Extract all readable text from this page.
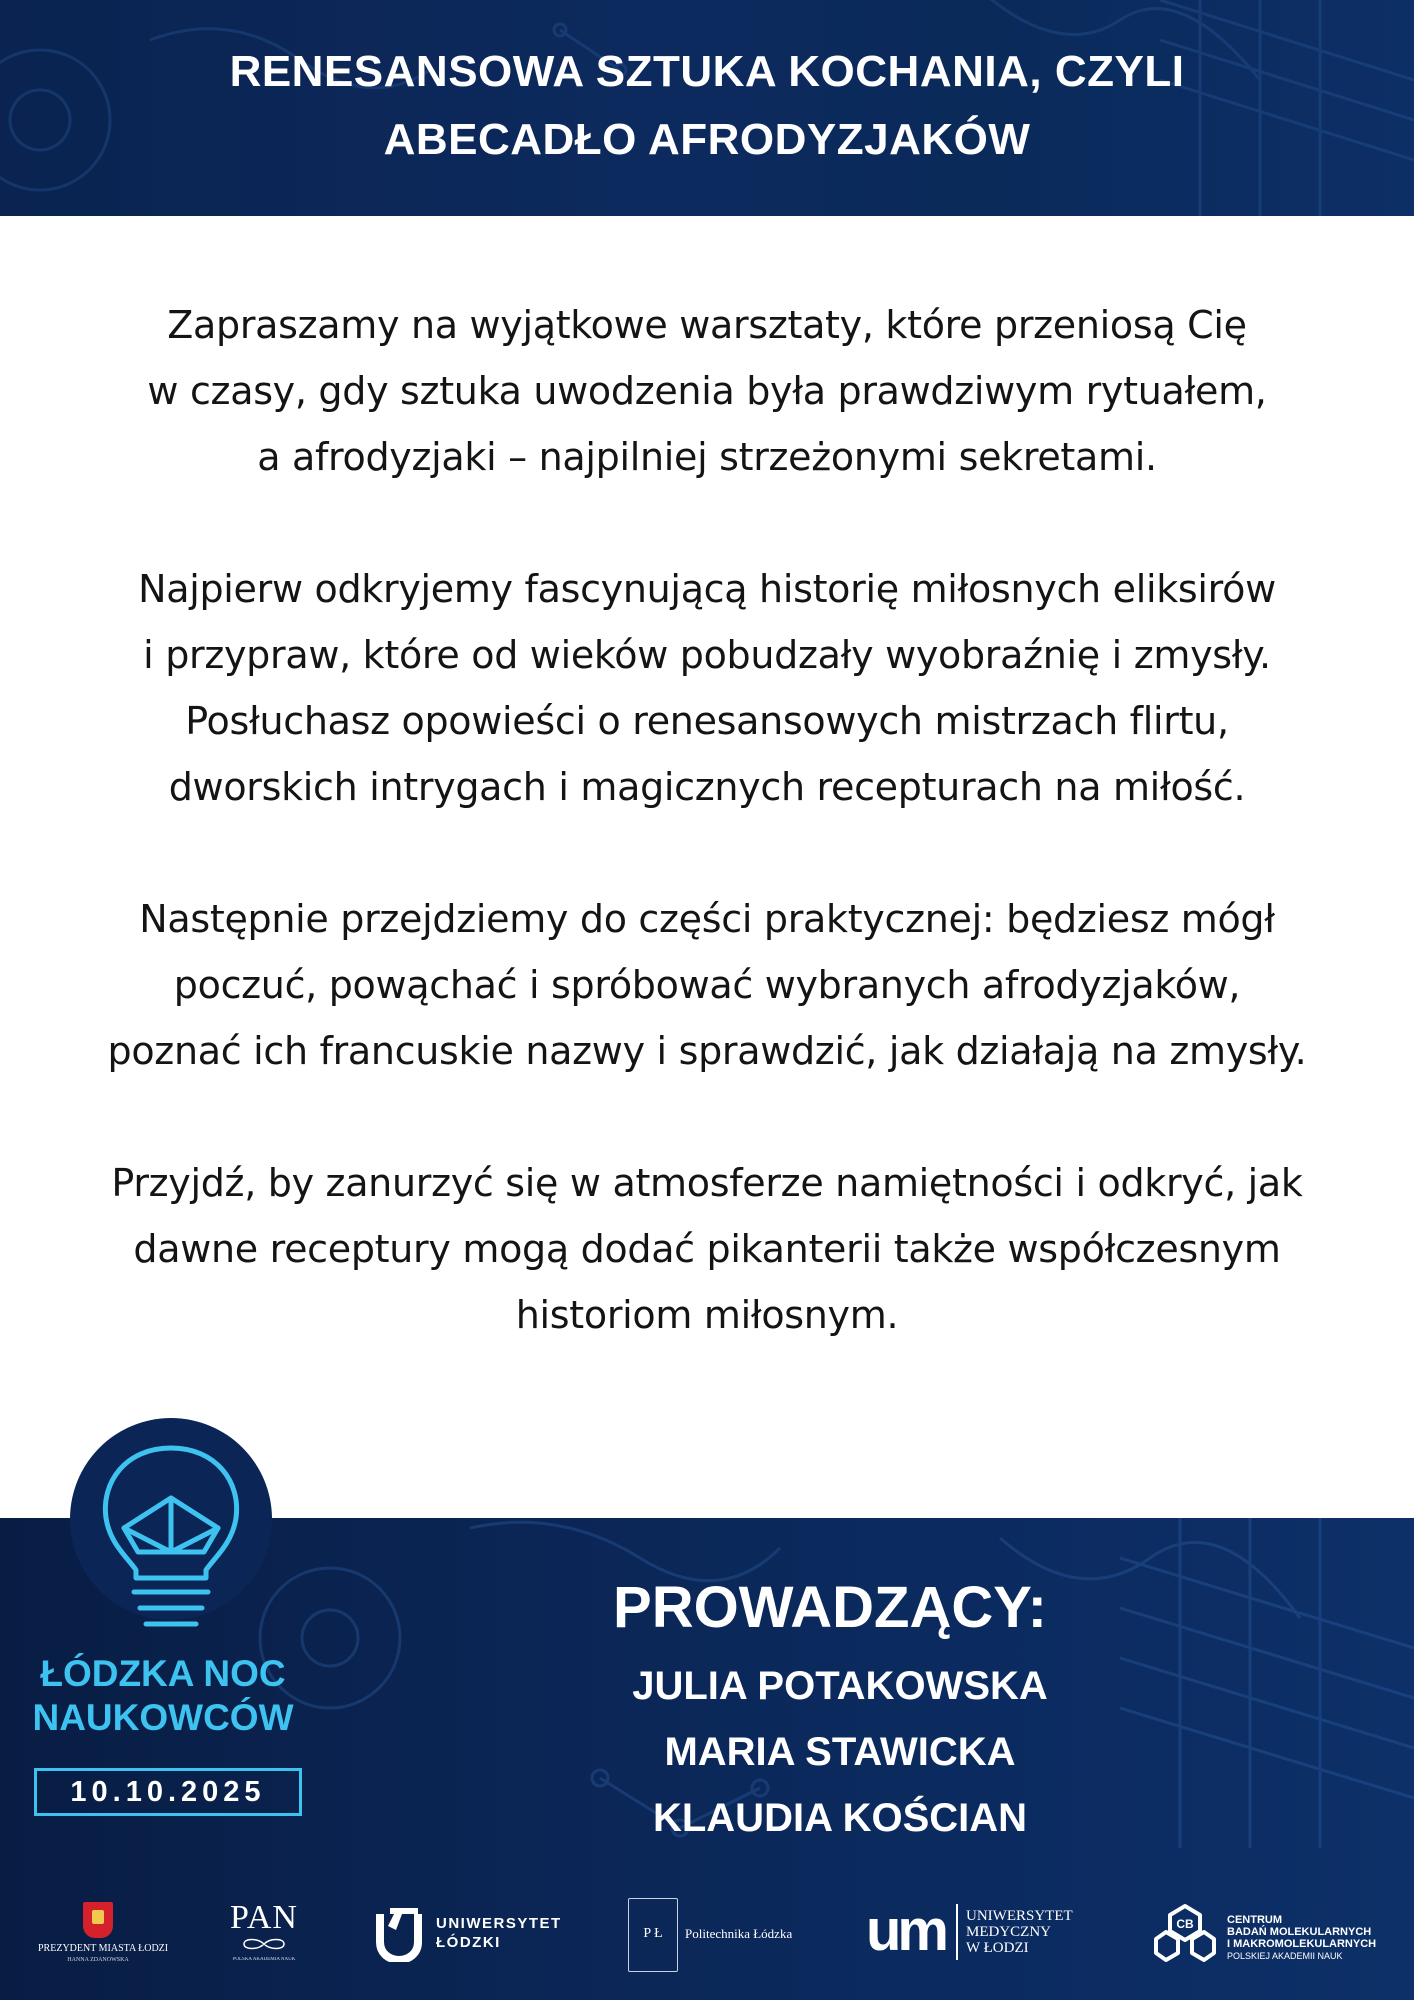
RENESANSOWA SZTUKA KOCHANIA, CZYLI
ABECADŁO AFRODYZJAKÓW

Zapraszamy na wyjątkowe warsztaty, które przeniosą Cię
w czasy, gdy sztuka uwodzenia była prawdziwym rytuałem,
a afrodyzjaki – najpilniej strzeżonymi sekretami.

Najpierw odkryjemy fascynującą historię miłosnych eliksirów
i przypraw, które od wieków pobudzały wyobraźnię i zmysły.
Posłuchasz opowieści o renesansowych mistrzach flirtu,
dworskich intrygach i magicznych recepturach na miłość.

Następnie przejdziemy do części praktycznej: będziesz mógł
poczuć, powąchać i spróbować wybranych afrodyzjaków,
poznać ich francuskie nazwy i sprawdzić, jak działają na zmysły.

Przyjdź, by zanurzyć się w atmosferze namiętności i odkryć, jak
dawne receptury mogą dodać pikanterii także współczesnym
historiom miłosnym.

ŁÓDZKA NOC
NAUKOWCÓW
10.10.2025
PROWADZĄCY:
JULIA POTAKOWSKA
MARIA STAWICKA
KLAUDIA KOŚCIAN
PREZYDENT MIASTA ŁODZI
HANNA ZDANOWSKA
PAN
POLSKA AKADEMIA NAUK
UNIWERSYTET
ŁÓDZKI
P Ł	Politechnika Łódzka um UNIWERSYTET
MEDYCZNY
W ŁODZI
CB	CENTRUM
BADAŃ MOLEKULARNYCH
I MAKROMOLEKULARNYCH
POLSKIEJ AKADEMII NAUK
